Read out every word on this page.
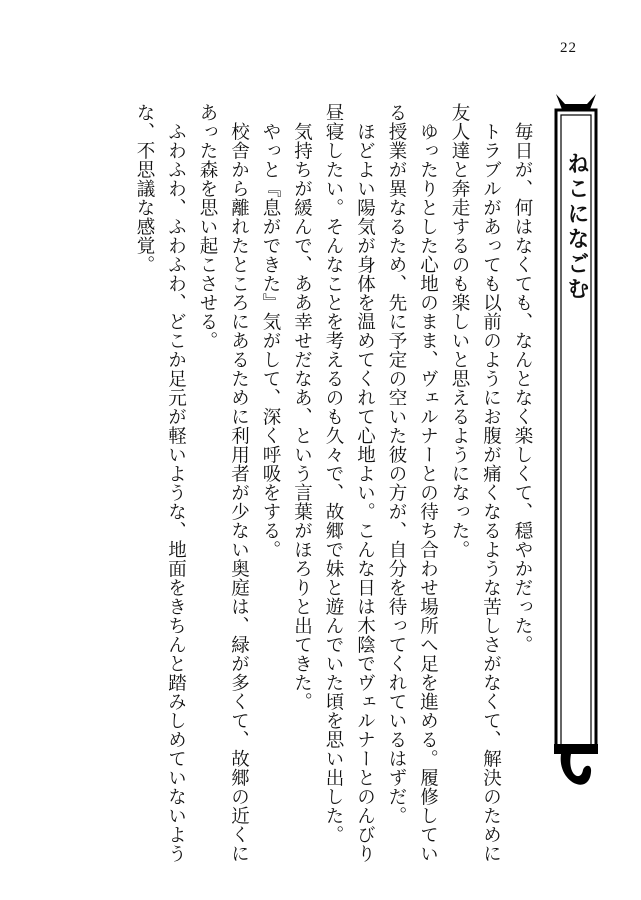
22
ねこになごむ

毎日が、何はなくても、なんとなく楽しくて、穏やかだった。

トラブルがあっても以前のようにお腹が痛くなるような苦しさがなくて、解決のために

友人達と奔走するのも楽しいと思えるようになった。

ゆったりとした心地のまま、ヴェルナーとの待ち合わせ場所へ足を進める。履修してい

る授業が異なるため、先に予定の空いた彼の方が、自分を待ってくれているはずだ。

ほどよい陽気が身体を温めてくれて心地よい。こんな日は木陰でヴェルナーとのんびり

昼寝したい。そんなことを考えるのも久々で、故郷で妹と遊んでいた頃を思い出した。

気持ちが緩んで、ああ幸せだなあ、という言葉がほろりと出てきた。

やっと『息ができた』気がして、深く呼吸をする。

校舎から離れたところにあるために利用者が少ない奥庭は、緑が多くて、故郷の近くに

あった森を思い起こさせる。

ふわふわ、ふわふわ、どこか足元が軽いような、地面をきちんと踏みしめていないよう

な、不思議な感覚。
